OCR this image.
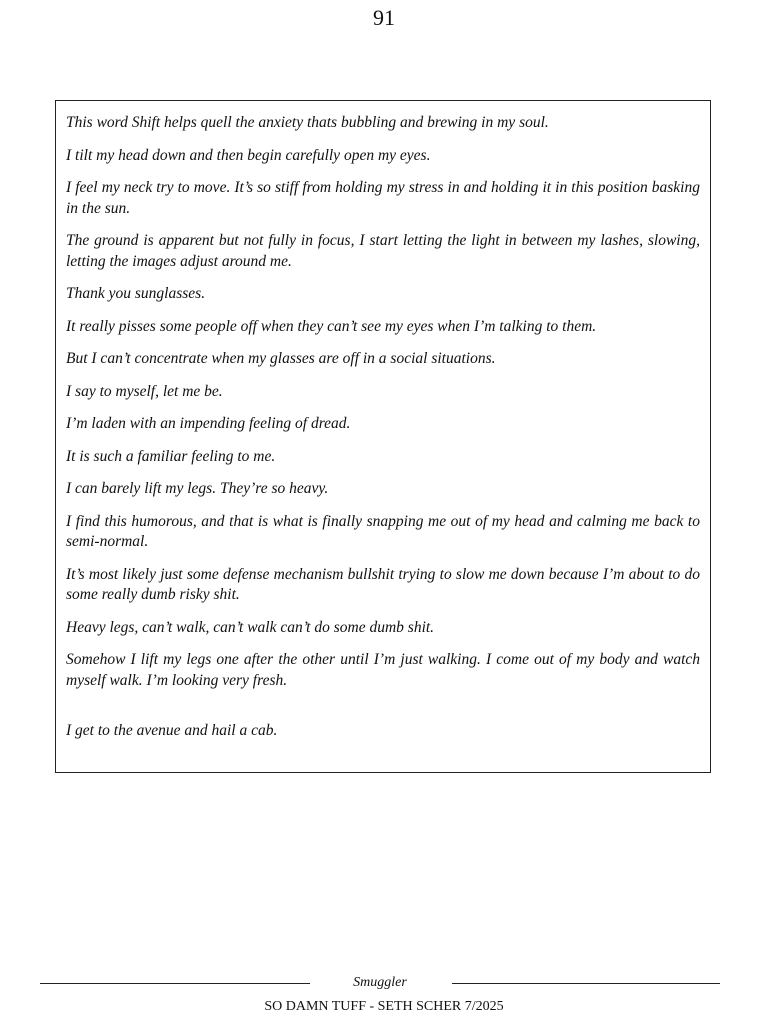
91

This word Shift helps quell the anxiety thats bubbling and brewing in my soul.

I tilt my head down and then begin carefully open my eyes.

I feel my neck try to move. It’s so stiff from holding my stress in and holding it in this position basking in the sun.

The ground is apparent but not fully in focus, I start letting the light in between my lashes, slowing, letting the images adjust around me.

Thank you sunglasses.

It really pisses some people off when they can’t see my eyes when I’m talking to them.

But I can’t concentrate when my glasses are off in a social situations.

I say to myself, let me be.

I’m laden with an impending feeling of dread.

It is such a familiar feeling to me.

I can barely lift my legs. They’re so heavy.

I find this humorous, and that is what is finally snapping me out of my head and calming me back to semi-normal.

It’s most likely just some defense mechanism bullshit trying to slow me down because I’m about to do some really dumb risky shit.

Heavy legs, can’t walk, can’t walk can’t do some dumb shit.

Somehow I lift my legs one after the other until I’m just walking. I come out of my body and watch myself walk. I’m looking very fresh.

I get to the avenue and hail a cab.

Smuggler
SO DAMN TUFF - SETH SCHER 7/2025
